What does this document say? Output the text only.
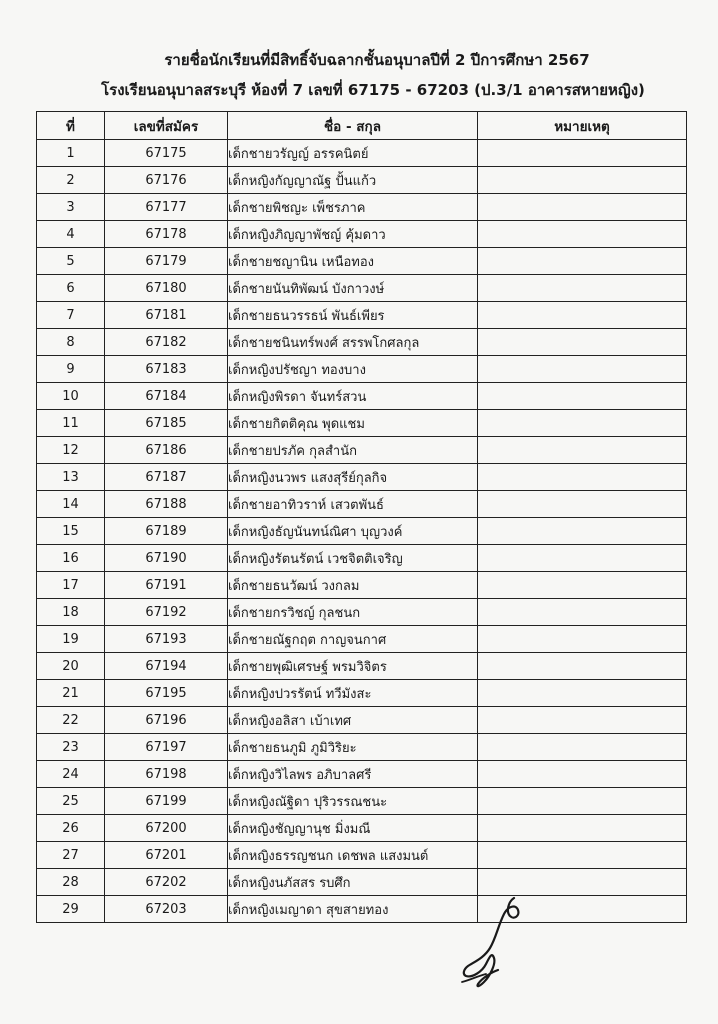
รายชื่อนักเรียนที่มีสิทธิ์จับฉลากชั้นอนุบาลปีที่ 2 ปีการศึกษา 2567
โรงเรียนอนุบาลสระบุรี ห้องที่ 7 เลขที่ 67175 - 67203 (ป.3/1 อาคารสหายหญิง)
ที่	เลขที่สมัคร	ชื่อ - สกุล	หมายเหตุ
1	67175	เด็กชายวรัญญ์ อรรคนิตย์	
2	67176	เด็กหญิงกัญญาณัฐ ปั้นแก้ว	
3	67177	เด็กชายพิชญะ เพ็ชรภาค	
4	67178	เด็กหญิงภิญญาพัชญ์ คุ้มดาว	
5	67179	เด็กชายชญานิน เหนือทอง	
6	67180	เด็กชายนันทิพัฒน์ บังกาวงษ์	
7	67181	เด็กชายธนวรรธน์ พันธ์เพียร	
8	67182	เด็กชายชนินทร์พงศ์ สรรพโกศลกุล	
9	67183	เด็กหญิงปรัชญา ทองบาง	
10	67184	เด็กหญิงพิรดา จันทร์สวน	
11	67185	เด็กชายกิตติคุณ พุดแชม	
12	67186	เด็กชายปรภัค กุลสำนัก	
13	67187	เด็กหญิงนวพร แสงสุรีย์กุลกิจ	
14	67188	เด็กชายอาทิวราห์ เสวตพันธ์	
15	67189	เด็กหญิงธัญนันทน์ณิศา บุญวงค์	
16	67190	เด็กหญิงรัตนรัตน์ เวชจิตติเจริญ	
17	67191	เด็กชายธนวัฒน์ วงกลม	
18	67192	เด็กชายกรวิชญ์ กุลชนก	
19	67193	เด็กชายณัฐกฤต กาญจนกาศ	
20	67194	เด็กชายพุฒิเศรษฐ์ พรมวิจิตร	
21	67195	เด็กหญิงปวรรัตน์ ทวีมังสะ	
22	67196	เด็กหญิงอลิสา เบ้าเทศ	
23	67197	เด็กชายธนภูมิ ภูมิวิริยะ	
24	67198	เด็กหญิงวิไลพร อภิบาลศรี	
25	67199	เด็กหญิงณัฐิดา ปุริวรรณชนะ	
26	67200	เด็กหญิงชัญญานุช มิ่งมณี	
27	67201	เด็กหญิงธรรญชนก เดชพล แสงมนต์	
28	67202	เด็กหญิงนภัสสร รบศึก	
29	67203	เด็กหญิงเมญาดา สุขสายทอง	
